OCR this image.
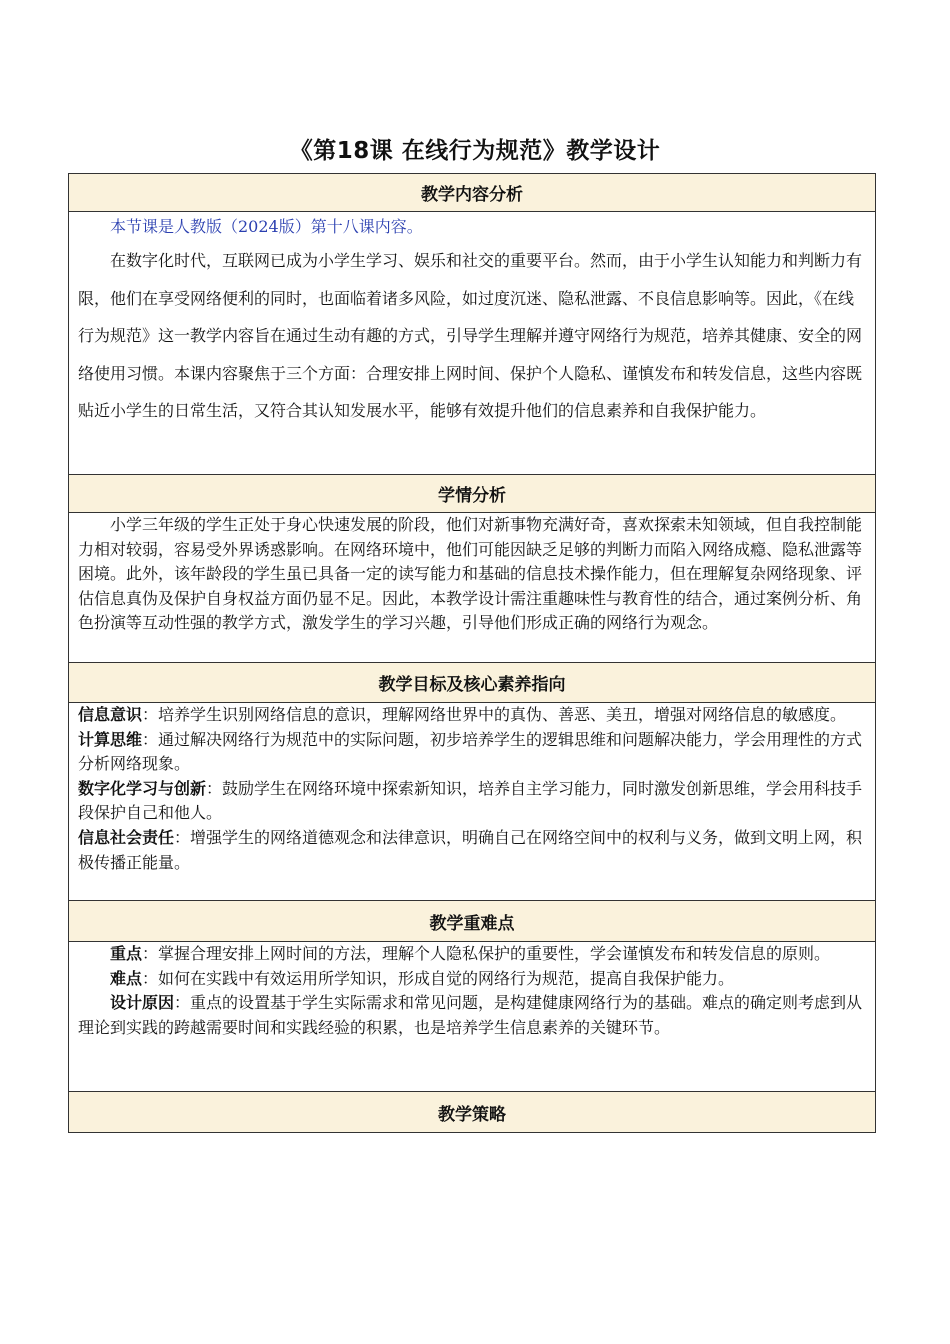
《第18课 在线行为规范》教学设计
教学内容分析

本节课是人教版（2024版）第十八课内容。

在数字化时代，互联网已成为小学生学习、娱乐和社交的重要平台。然而，由于小学生认知能力和判断力有限，他们在享受网络便利的同时，也面临着诸多风险，如过度沉迷、隐私泄露、不良信息影响等。因此，《在线行为规范》这一教学内容旨在通过生动有趣的方式，引导学生理解并遵守网络行为规范，培养其健康、安全的网络使用习惯。本课内容聚焦于三个方面：合理安排上网时间、保护个人隐私、谨慎发布和转发信息，这些内容既贴近小学生的日常生活，又符合其认知发展水平，能够有效提升他们的信息素养和自我保护能力。

学情分析

小学三年级的学生正处于身心快速发展的阶段，他们对新事物充满好奇，喜欢探索未知领域，但自我控制能力相对较弱，容易受外界诱惑影响。在网络环境中，他们可能因缺乏足够的判断力而陷入网络成瘾、隐私泄露等困境。此外，该年龄段的学生虽已具备一定的读写能力和基础的信息技术操作能力，但在理解复杂网络现象、评估信息真伪及保护自身权益方面仍显不足。因此，本教学设计需注重趣味性与教育性的结合，通过案例分析、角色扮演等互动性强的教学方式，激发学生的学习兴趣，引导他们形成正确的网络行为观念。

教学目标及核心素养指向

信息意识：培养学生识别网络信息的意识，理解网络世界中的真伪、善恶、美丑，增强对网络信息的敏感度。

计算思维：通过解决网络行为规范中的实际问题，初步培养学生的逻辑思维和问题解决能力，学会用理性的方式分析网络现象。

数字化学习与创新：鼓励学生在网络环境中探索新知识，培养自主学习能力，同时激发创新思维，学会用科技手段保护自己和他人。

信息社会责任：增强学生的网络道德观念和法律意识，明确自己在网络空间中的权利与义务，做到文明上网，积极传播正能量。

教学重难点

重点：掌握合理安排上网时间的方法，理解个人隐私保护的重要性，学会谨慎发布和转发信息的原则。

难点：如何在实践中有效运用所学知识，形成自觉的网络行为规范，提高自我保护能力。

设计原因：重点的设置基于学生实际需求和常见问题，是构建健康网络行为的基础。难点的确定则考虑到从理论到实践的跨越需要时间和实践经验的积累，也是培养学生信息素养的关键环节。

教学策略
